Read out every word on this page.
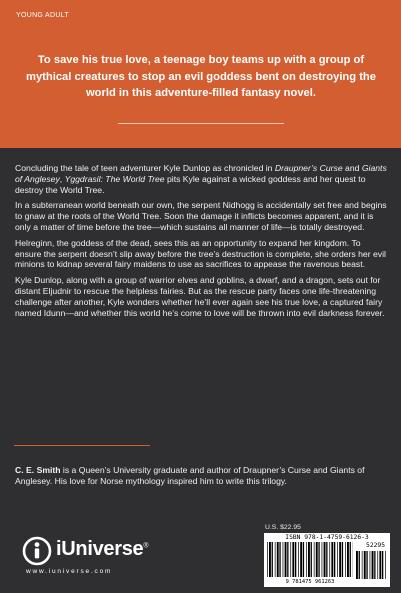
YOUNG ADULT
To save his true love, a teenage boy teams up with a group of mythical creatures to stop an evil goddess bent on destroying the world in this adventure-filled fantasy novel.

Concluding the tale of teen adventurer Kyle Dunlop as chronicled in Draupner’s Curse and Giants of Anglesey, Yggdrasil: The World Tree pits Kyle against a wicked goddess and her quest to destroy the World Tree.

In a subterranean world beneath our own, the serpent Nidhogg is accidentally set free and begins to gnaw at the roots of the World Tree. Soon the damage it inflicts becomes apparent, and it is only a matter of time before the tree—which sustains all manner of life—is totally destroyed.

Helreginn, the goddess of the dead, sees this as an opportunity to expand her kingdom. To ensure the serpent doesn’t slip away before the tree’s destruction is complete, she orders her evil minions to kidnap several fairy maidens to use as sacrifices to appease the ravenous beast.

Kyle Dunlop, along with a group of warrior elves and goblins, a dwarf, and a dragon, sets out for distant Eljudnir to rescue the helpless fairies. But as the rescue party faces one life-threatening challenge after another, Kyle wonders whether he’ll ever again see his true love, a captured fairy named Idunn—and whether this world he’s come to love will be thrown into evil darkness forever.

C. E. Smith is a Queen’s University graduate and author of Draupner’s Curse and Giants of Anglesey. His love for Norse mythology inspired him to write this trilogy.
iUniverse®
www.iuniverse.com
U.S. $22.95
ISBN 978-1-4759-6126-3
52295
9 781475 961263
